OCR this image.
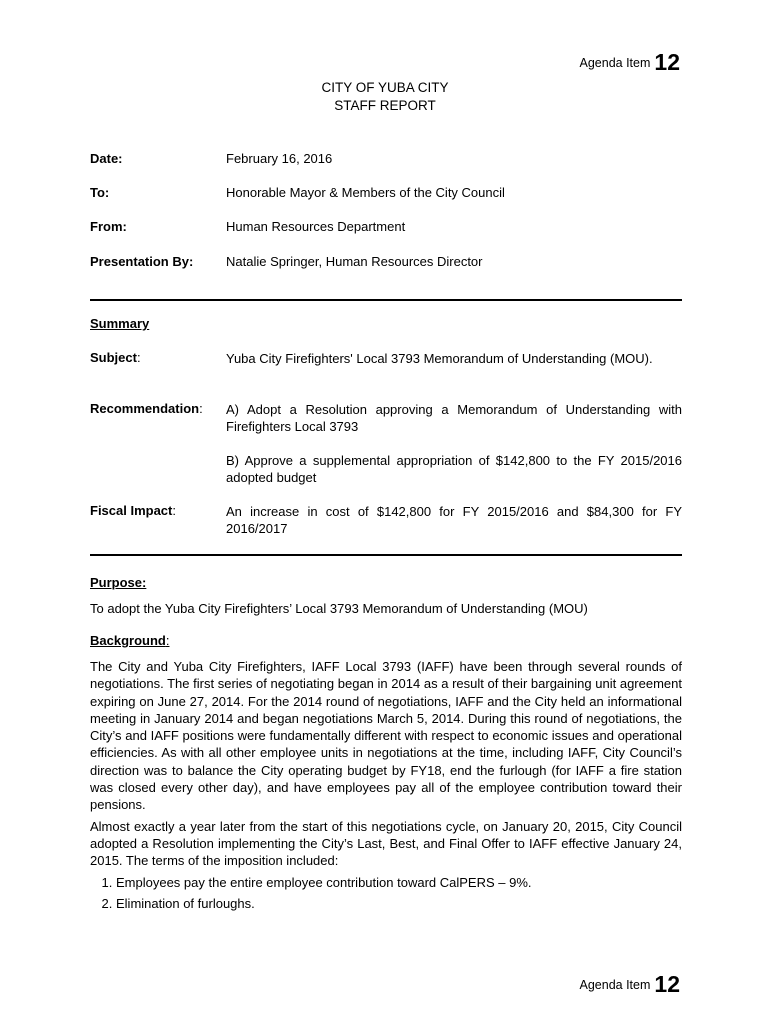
Agenda Item 12
CITY OF YUBA CITY
STAFF REPORT
Date:	February 16, 2016
To:	Honorable Mayor & Members of the City Council
From:	Human Resources Department
Presentation By:	Natalie Springer, Human Resources Director
Summary
Subject:	Yuba City Firefighters' Local 3793 Memorandum of Understanding (MOU).
Recommendation: A) Adopt a Resolution approving a Memorandum of Understanding with Firefighters Local 3793

B) Approve a supplemental appropriation of $142,800 to the FY 2015/2016 adopted budget

Fiscal Impact:	An increase in cost of $142,800 for FY 2015/2016 and $84,300 for FY 2016/2017
Purpose:
To adopt the Yuba City Firefighters’ Local 3793 Memorandum of Understanding (MOU)
Background:

The City and Yuba City Firefighters, IAFF Local 3793 (IAFF) have been through several rounds of negotiations. The first series of negotiating began in 2014 as a result of their bargaining unit agreement expiring on June 27, 2014. For the 2014 round of negotiations, IAFF and the City held an informational meeting in January 2014 and began negotiations March 5, 2014. During this round of negotiations, the City’s and IAFF positions were fundamentally different with respect to economic issues and operational efficiencies. As with all other employee units in negotiations at the time, including IAFF, City Council’s direction was to balance the City operating budget by FY18, end the furlough (for IAFF a fire station was closed every other day), and have employees pay all of the employee contribution toward their pensions.

Almost exactly a year later from the start of this negotiations cycle, on January 20, 2015, City Council adopted a Resolution implementing the City’s Last, Best, and Final Offer to IAFF effective January 24, 2015. The terms of the imposition included:

1. Employees pay the entire employee contribution toward CalPERS – 9%.
2. Elimination of furloughs.
Agenda Item 12
